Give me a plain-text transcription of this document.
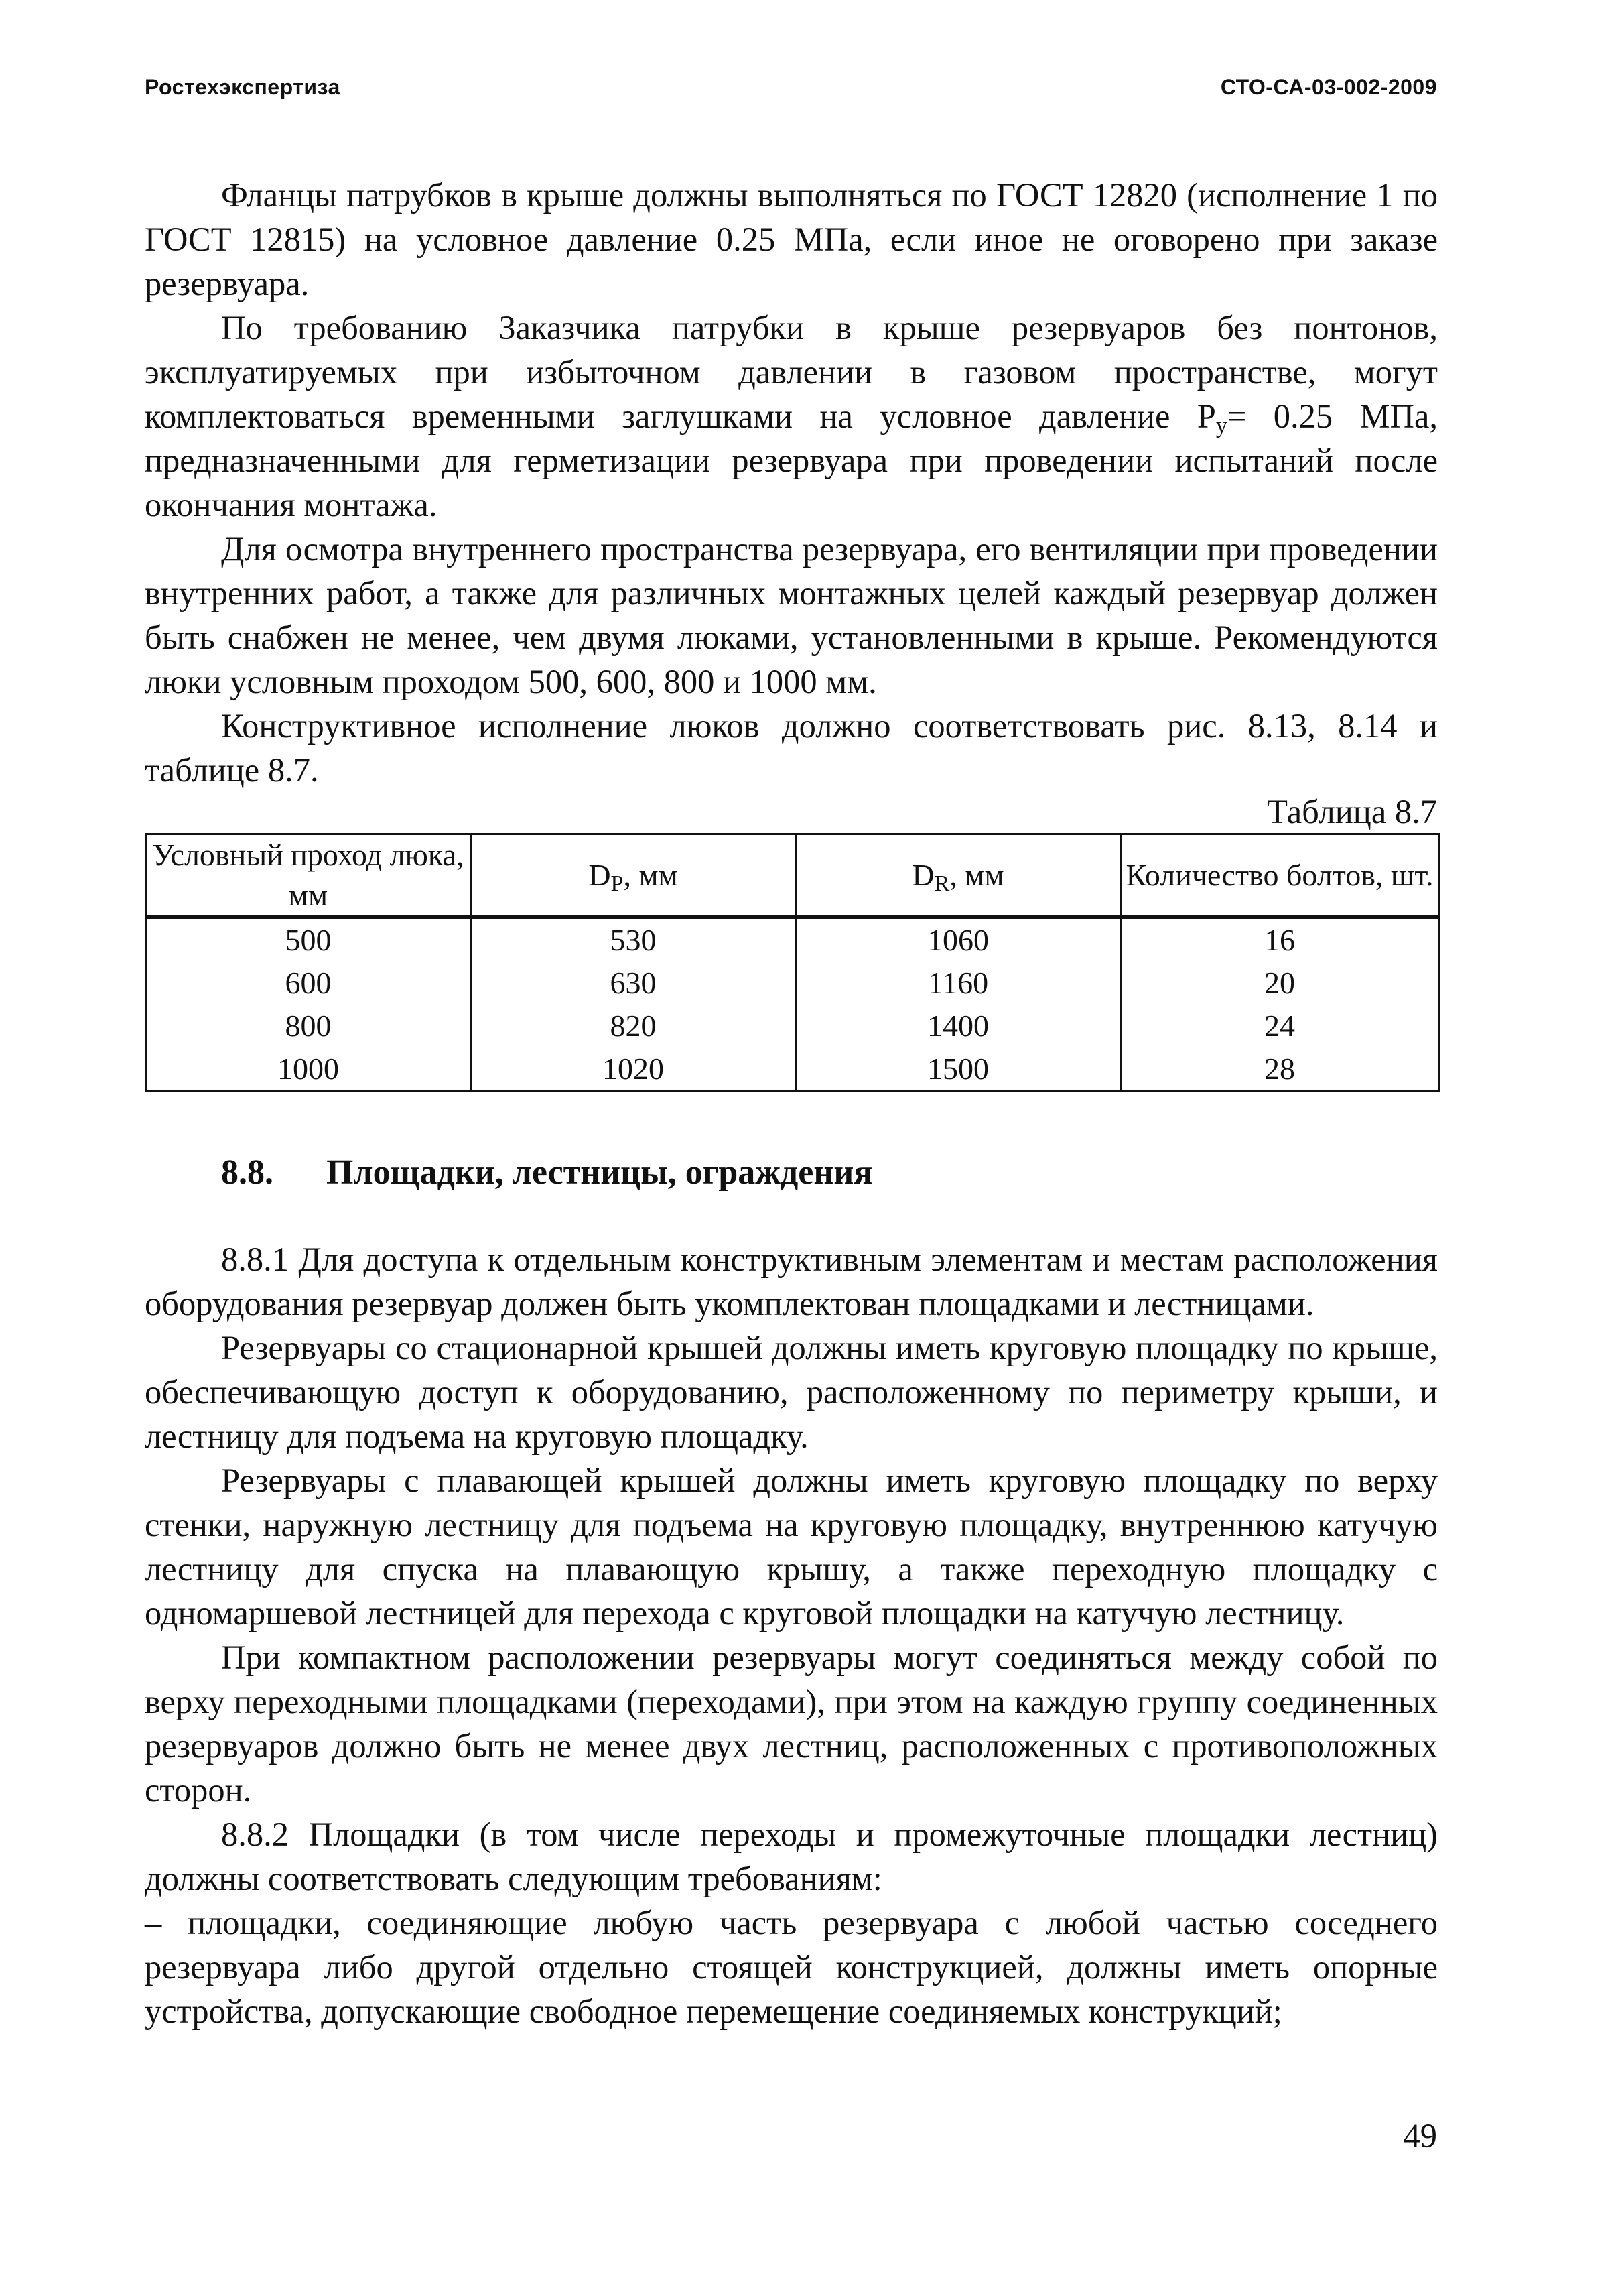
Ростехэкспертиза	СТО-СА-03-002-2009

Фланцы патрубков в крыше должны выполняться по ГОСТ 12820 (исполнение 1 по ГОСТ 12815) на условное давление 0.25 МПа, если иное не оговорено при заказе резервуара.

По требованию Заказчика патрубки в крыше резервуаров без понтонов, эксплуатируемых при избыточном давлении в газовом пространстве, могут комплектоваться временными заглушками на условное давление $P_y= 0.25$ МПа, предназначенными для герметизации резервуара при проведении испытаний после окончания монтажа.

Для осмотра внутреннего пространства резервуара, его вентиляции при проведении внутренних работ, а также для различных монтажных целей каждый резервуар должен быть снабжен не менее, чем двумя люками, установленными в крыше. Рекомендуются люки условным проходом 500, 600, 800 и 1000 мм.

Конструктивное исполнение люков должно соответствовать рис. 8.13, 8.14 и таблице 8.7.

Таблица 8.7
Условный проход люка, мм	$D_P$, мм	$D_R$, мм	Количество болтов, шт.
500	530	1060	16
600	630	1160	20
800	820	1400	24
1000	1020	1500	28
8.8. Площадки, лестницы, ограждения

8.8.1 Для доступа к отдельным конструктивным элементам и местам расположения оборудования резервуар должен быть укомплектован площадками и лестницами.

Резервуары со стационарной крышей должны иметь круговую площадку по крыше, обеспечивающую доступ к оборудованию, расположенному по периметру крыши, и лестницу для подъема на круговую площадку.

Резервуары с плавающей крышей должны иметь круговую площадку по верху стенки, наружную лестницу для подъема на круговую площадку, внутреннюю катучую лестницу для спуска на плавающую крышу, а также переходную площадку с одномаршевой лестницей для перехода с круговой площадки на катучую лестницу.

При компактном расположении резервуары могут соединяться между собой по верху переходными площадками (переходами), при этом на каждую группу соединенных резервуаров должно быть не менее двух лестниц, расположенных с противоположных сторон.

8.8.2 Площадки (в том числе переходы и промежуточные площадки лестниц) должны соответствовать следующим требованиям:

– площадки, соединяющие любую часть резервуара с любой частью соседнего резервуара либо другой отдельно стоящей конструкцией, должны иметь опорные устройства, допускающие свободное перемещение соединяемых конструкций;

49
